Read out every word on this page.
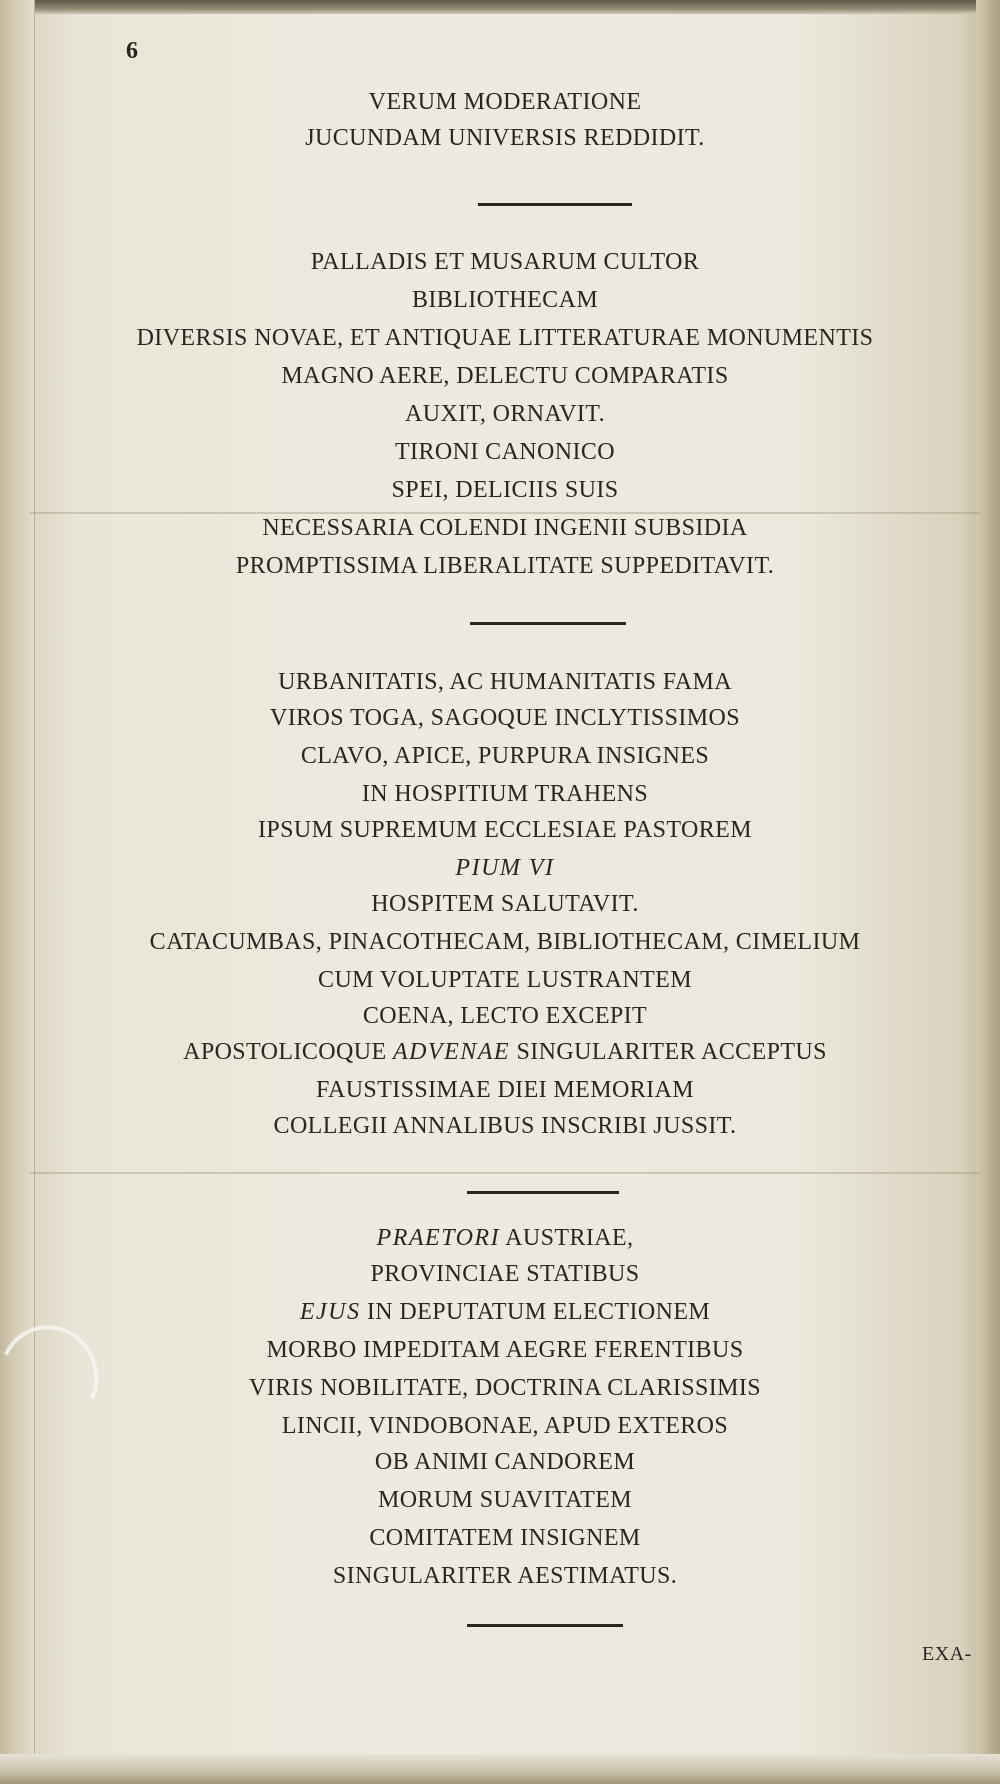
6
VERUM MODERATIONE
JUCUNDAM UNIVERSIS REDDIDIT.
PALLADIS ET MUSARUM CULTOR
BIBLIOTHECAM
DIVERSIS NOVAE, ET ANTIQUAE LITTERATURAE MONUMENTIS
MAGNO AERE, DELECTU COMPARATIS
AUXIT, ORNAVIT.
TIRONI CANONICO
SPEI, DELICIIS SUIS
NECESSARIA COLENDI INGENII SUBSIDIA
PROMPTISSIMA LIBERALITATE SUPPEDITAVIT.
URBANITATIS, AC HUMANITATIS FAMA
VIROS TOGA, SAGOQUE INCLYTISSIMOS
CLAVO, APICE, PURPURA INSIGNES
IN HOSPITIUM TRAHENS
IPSUM SUPREMUM ECCLESIAE PASTOREM
PIUM VI
HOSPITEM SALUTAVIT.
CATACUMBAS, PINACOTHECAM, BIBLIOTHECAM, CIMELIUM
CUM VOLUPTATE LUSTRANTEM
COENA, LECTO EXCEPIT
APOSTOLICOQUE ADVENAE SINGULARITER ACCEPTUS
FAUSTISSIMAE DIEI MEMORIAM
COLLEGII ANNALIBUS INSCRIBI JUSSIT.
PRAETORI AUSTRIAE,
PROVINCIAE STATIBUS
EJUS IN DEPUTATUM ELECTIONEM
MORBO IMPEDITAM AEGRE FERENTIBUS
VIRIS NOBILITATE, DOCTRINA CLARISSIMIS
LINCII, VINDOBONAE, APUD EXTEROS
OB ANIMI CANDOREM
MORUM SUAVITATEM
COMITATEM INSIGNEM
SINGULARITER AESTIMATUS.
EXA-
